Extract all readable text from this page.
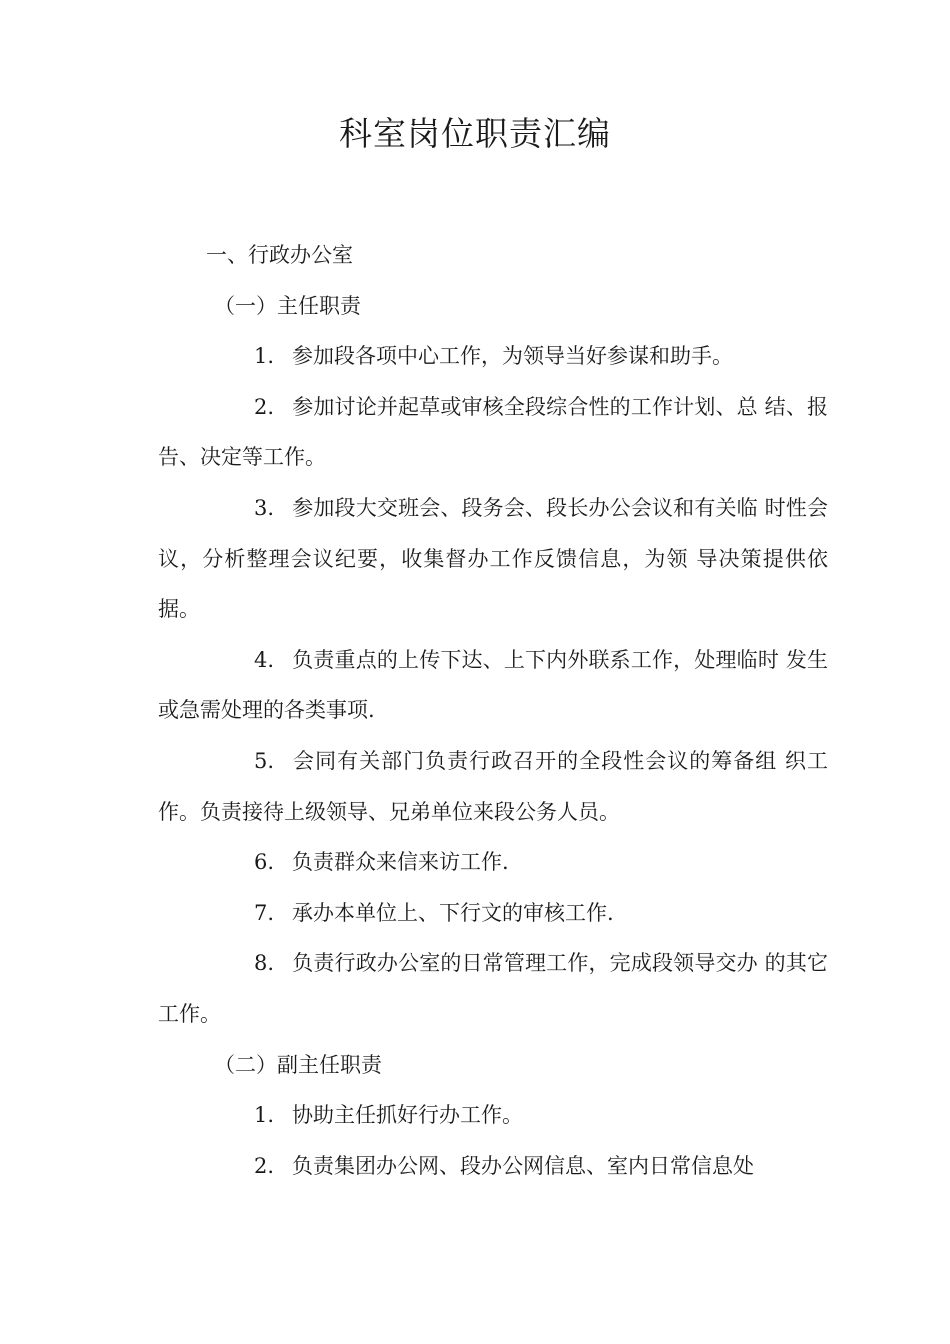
科室岗位职责汇编

一、行政办公室

（一）主任职责

1. 参加段各项中心工作，为领导当好参谋和助手。

2. 参加讨论并起草或审核全段综合性的工作计划、总 结、报告、决定等工作。

3. 参加段大交班会、段务会、段长办公会议和有关临 时性会议，分析整理会议纪要，收集督办工作反馈信息，为领 导决策提供依据。

4. 负责重点的上传下达、上下内外联系工作，处理临时 发生或急需处理的各类事项.

5. 会同有关部门负责行政召开的全段性会议的筹备组 织工作。负责接待上级领导、兄弟单位来段公务人员。

6. 负责群众来信来访工作.

7. 承办本单位上、下行文的审核工作.

8. 负责行政办公室的日常管理工作，完成段领导交办 的其它工作。

（二）副主任职责

1. 协助主任抓好行办工作。

2. 负责集团办公网、段办公网信息、室内日常信息处
